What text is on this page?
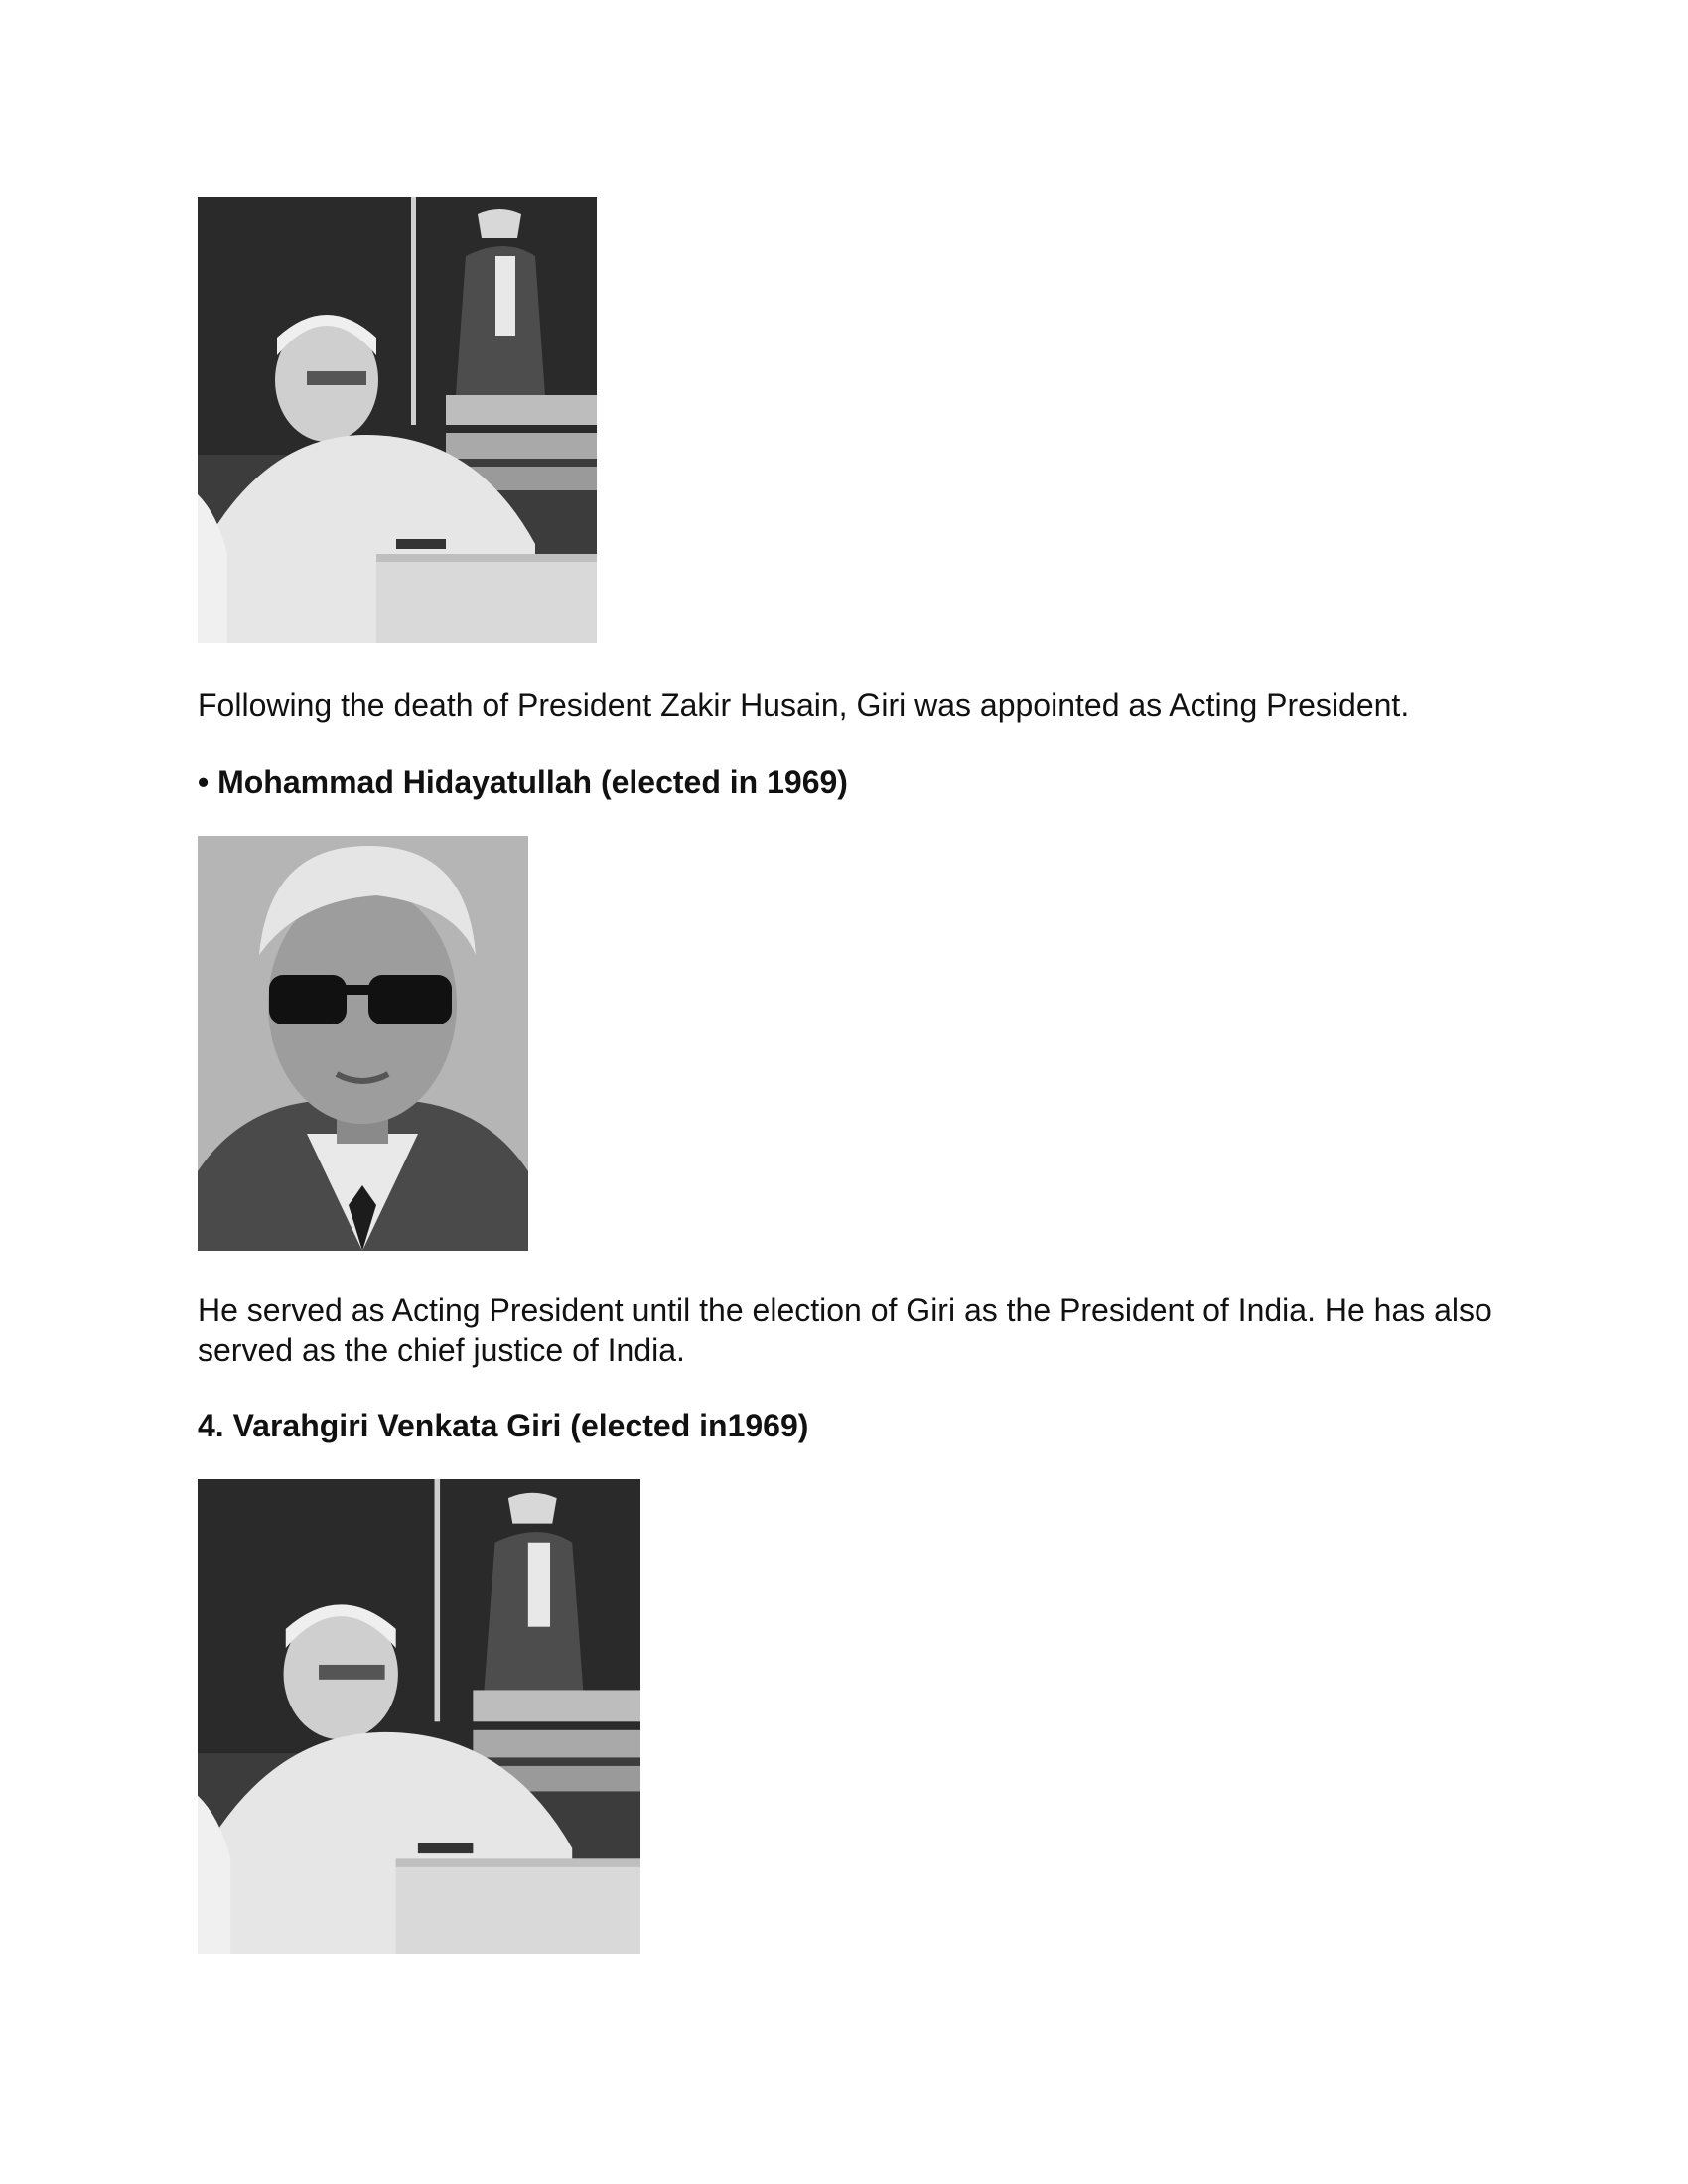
Following the death of President Zakir Husain, Giri was appointed as Acting President.

• Mohammad Hidayatullah (elected in 1969)

He served as Acting President until the election of Giri as the President of India. He has also served as the chief justice of India.

4. Varahgiri Venkata Giri (elected in1969)
